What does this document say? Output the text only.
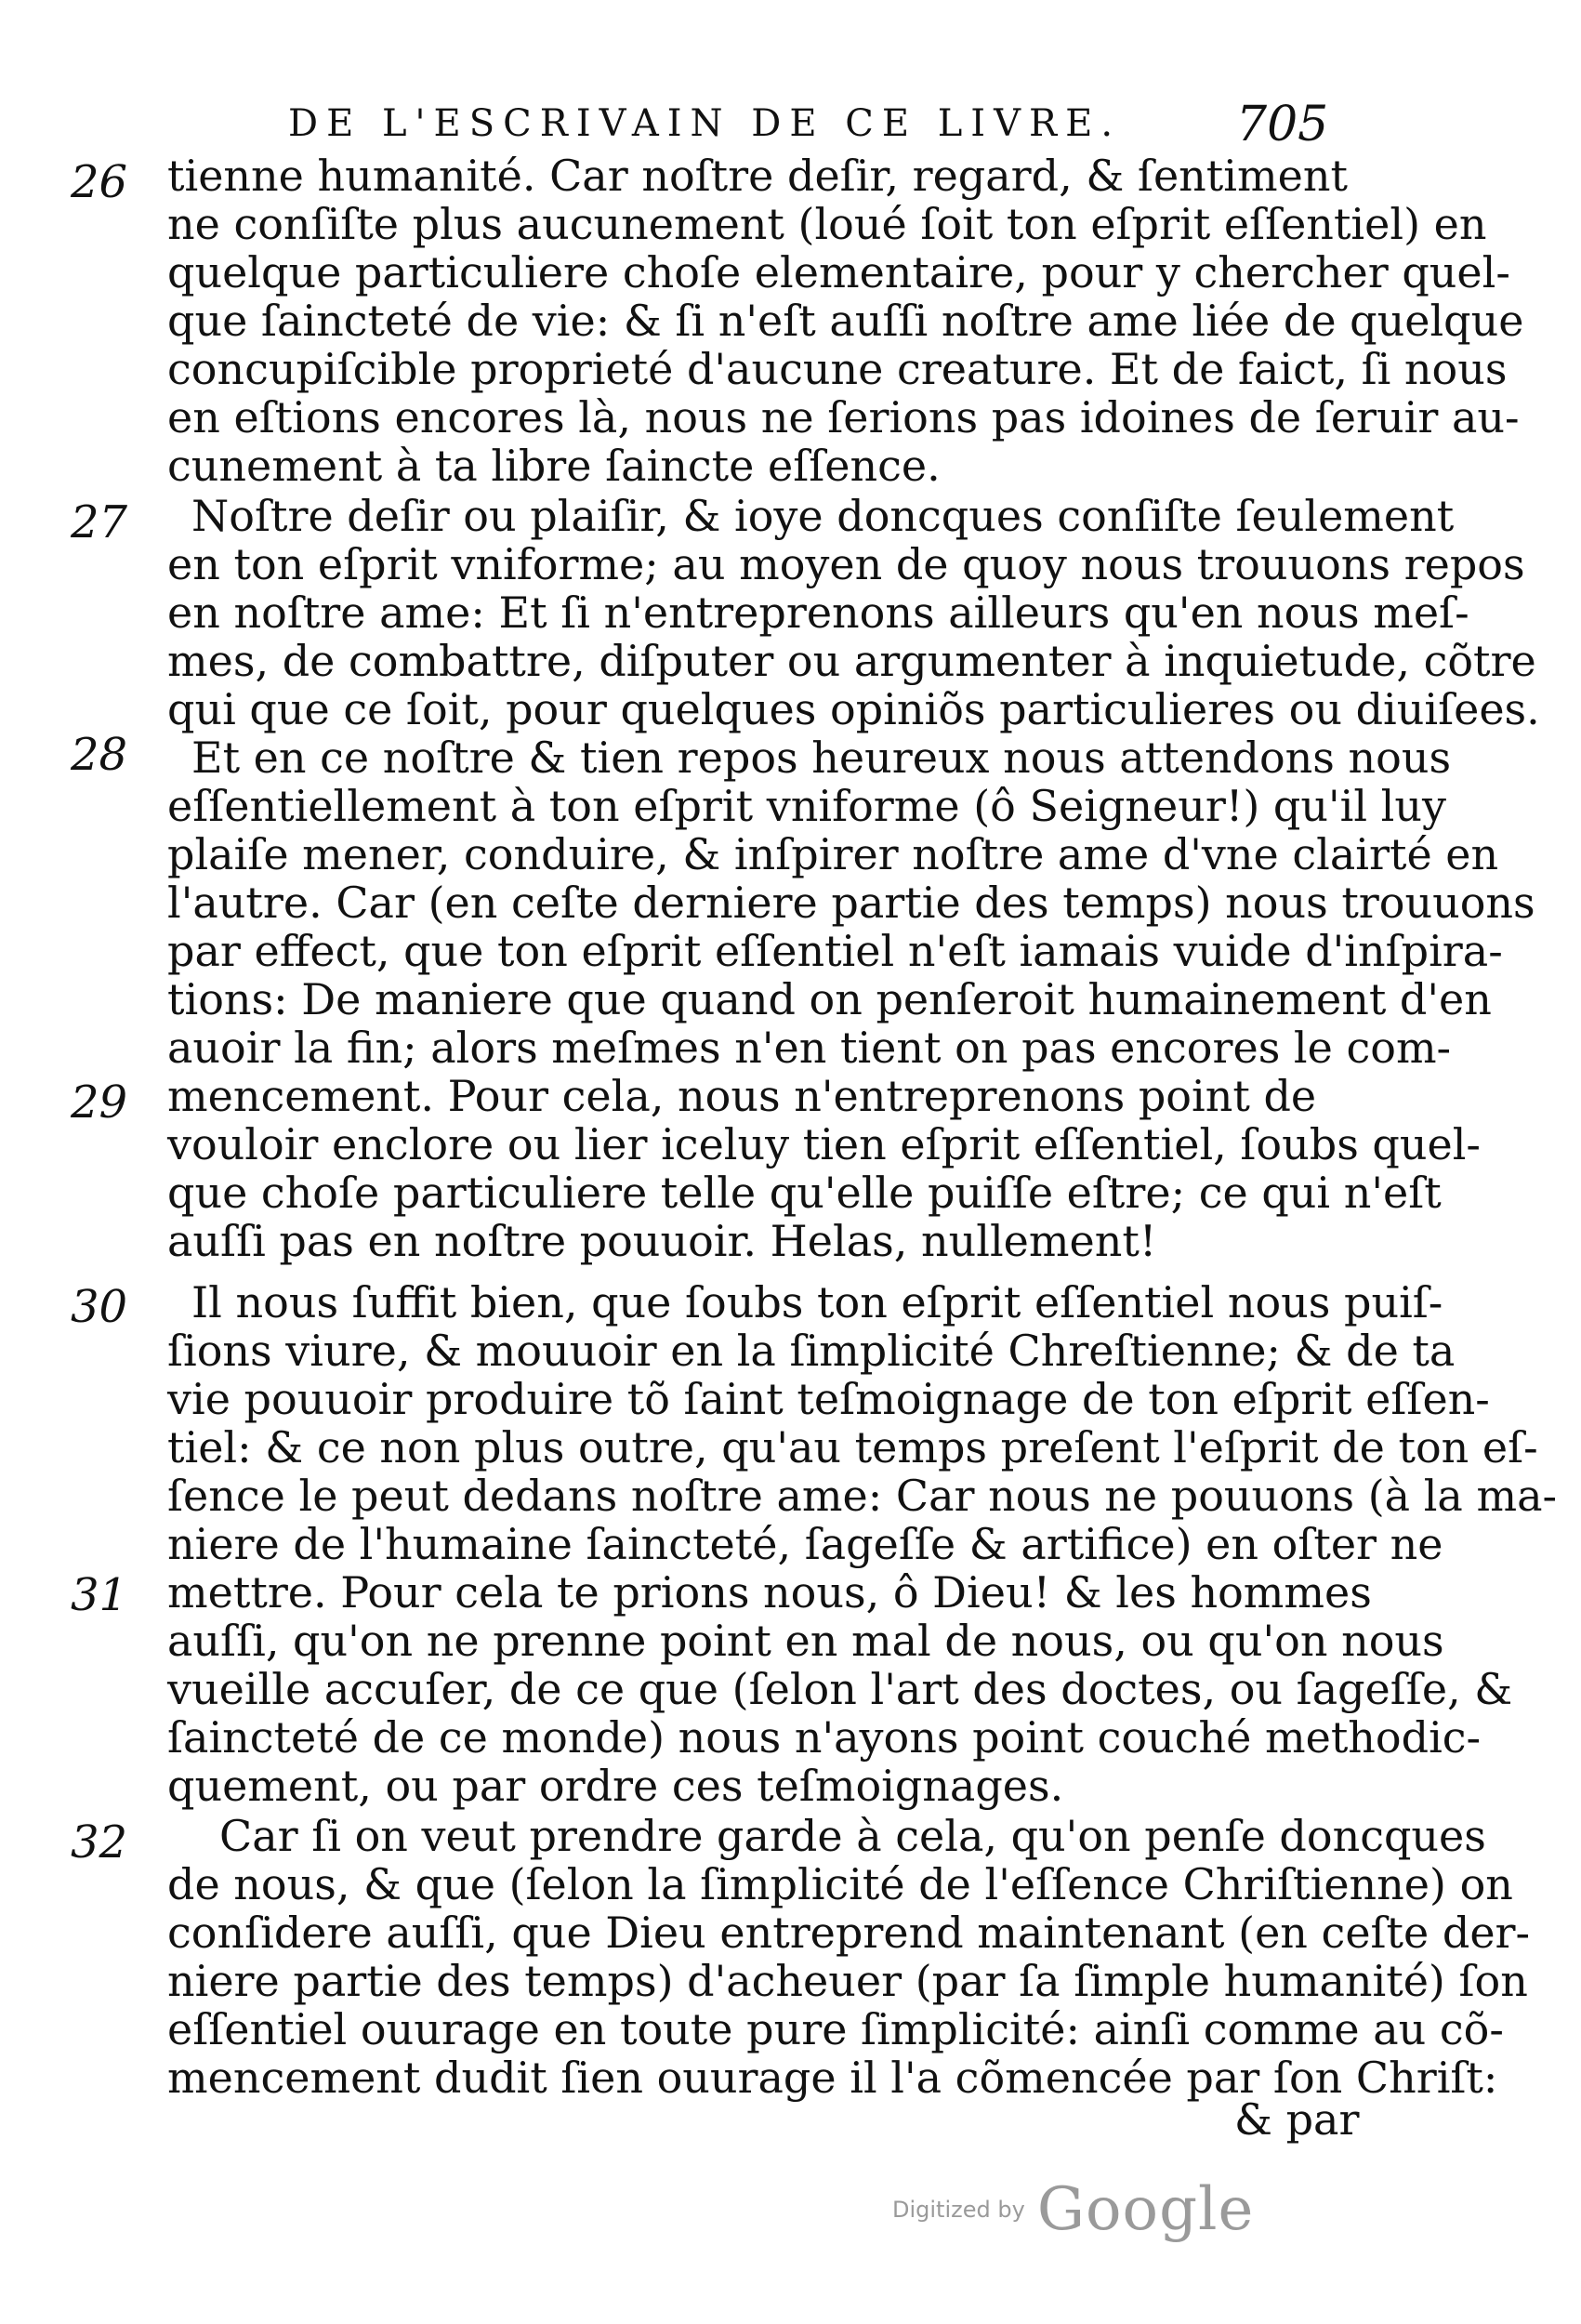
DE L'ESCRIVAIN DE CE LIVRE. 705
26
27
28
29
30
31
32
tienne humanité. Car noſtre deſir, regard, & ſentiment
ne conſiſte plus aucunement (loué ſoit ton eſprit eſſentiel) en
quelque particuliere choſe elementaire, pour y chercher quel-
que ſaincteté de vie: & ſi n'eſt auſſi noſtre ame liée de quelque
concupiſcible proprieté d'aucune creature. Et de faict, ſi nous
en eſtions encores là, nous ne ſerions pas idoines de ſeruir au-
cunement à ta libre ſaincte eſſence.
Noſtre deſir ou plaiſir, & ioye doncques conſiſte ſeulement
en ton eſprit vniforme; au moyen de quoy nous trouuons repos
en noſtre ame: Et ſi n'entreprenons ailleurs qu'en nous meſ-
mes, de combattre, diſputer ou argumenter à inquietude, cõtre
qui que ce ſoit, pour quelques opiniõs particulieres ou diuiſees.
Et en ce noſtre & tien repos heureux nous attendons nous
eſſentiellement à ton eſprit vniforme (ô Seigneur!) qu'il luy
plaiſe mener, conduire, & inſpirer noſtre ame d'vne clairté en
l'autre. Car (en ceſte derniere partie des temps) nous trouuons
par effect, que ton eſprit eſſentiel n'eſt iamais vuide d'inſpira-
tions: De maniere que quand on penſeroit humainement d'en
auoir la fin; alors meſmes n'en tient on pas encores le com-
mencement. Pour cela, nous n'entreprenons point de
vouloir enclore ou lier iceluy tien eſprit eſſentiel, ſoubs quel-
que choſe particuliere telle qu'elle puiſſe eſtre; ce qui n'eſt
auſſi pas en noſtre pouuoir. Helas, nullement!
Il nous ſuffit bien, que ſoubs ton eſprit eſſentiel nous puiſ-
ſions viure, & mouuoir en la ſimplicité Chreſtienne; & de ta
vie pouuoir produire tõ ſaint teſmoignage de ton eſprit eſſen-
tiel: & ce non plus outre, qu'au temps preſent l'eſprit de ton eſ-
ſence le peut dedans noſtre ame: Car nous ne pouuons (à la ma-
niere de l'humaine ſaincteté, ſageſſe & artifice) en oſter ne
mettre. Pour cela te prions nous, ô Dieu! & les hommes
auſſi, qu'on ne prenne point en mal de nous, ou qu'on nous
vueille accuſer, de ce que (ſelon l'art des doctes, ou ſageſſe, &
ſaincteté de ce monde) nous n'ayons point couché methodic-
quement, ou par ordre ces teſmoignages.
Car ſi on veut prendre garde à cela, qu'on penſe doncques
de nous, & que (ſelon la ſimplicité de l'eſſence Chriſtienne) on
conſidere auſſi, que Dieu entreprend maintenant (en ceſte der-
niere partie des temps) d'acheuer (par ſa ſimple humanité) ſon
eſſentiel ouurage en toute pure ſimplicité: ainſi comme au cõ-
mencement dudit ſien ouurage il l'a cõmencée par ſon Chriſt:
& par
Digitized by Google
